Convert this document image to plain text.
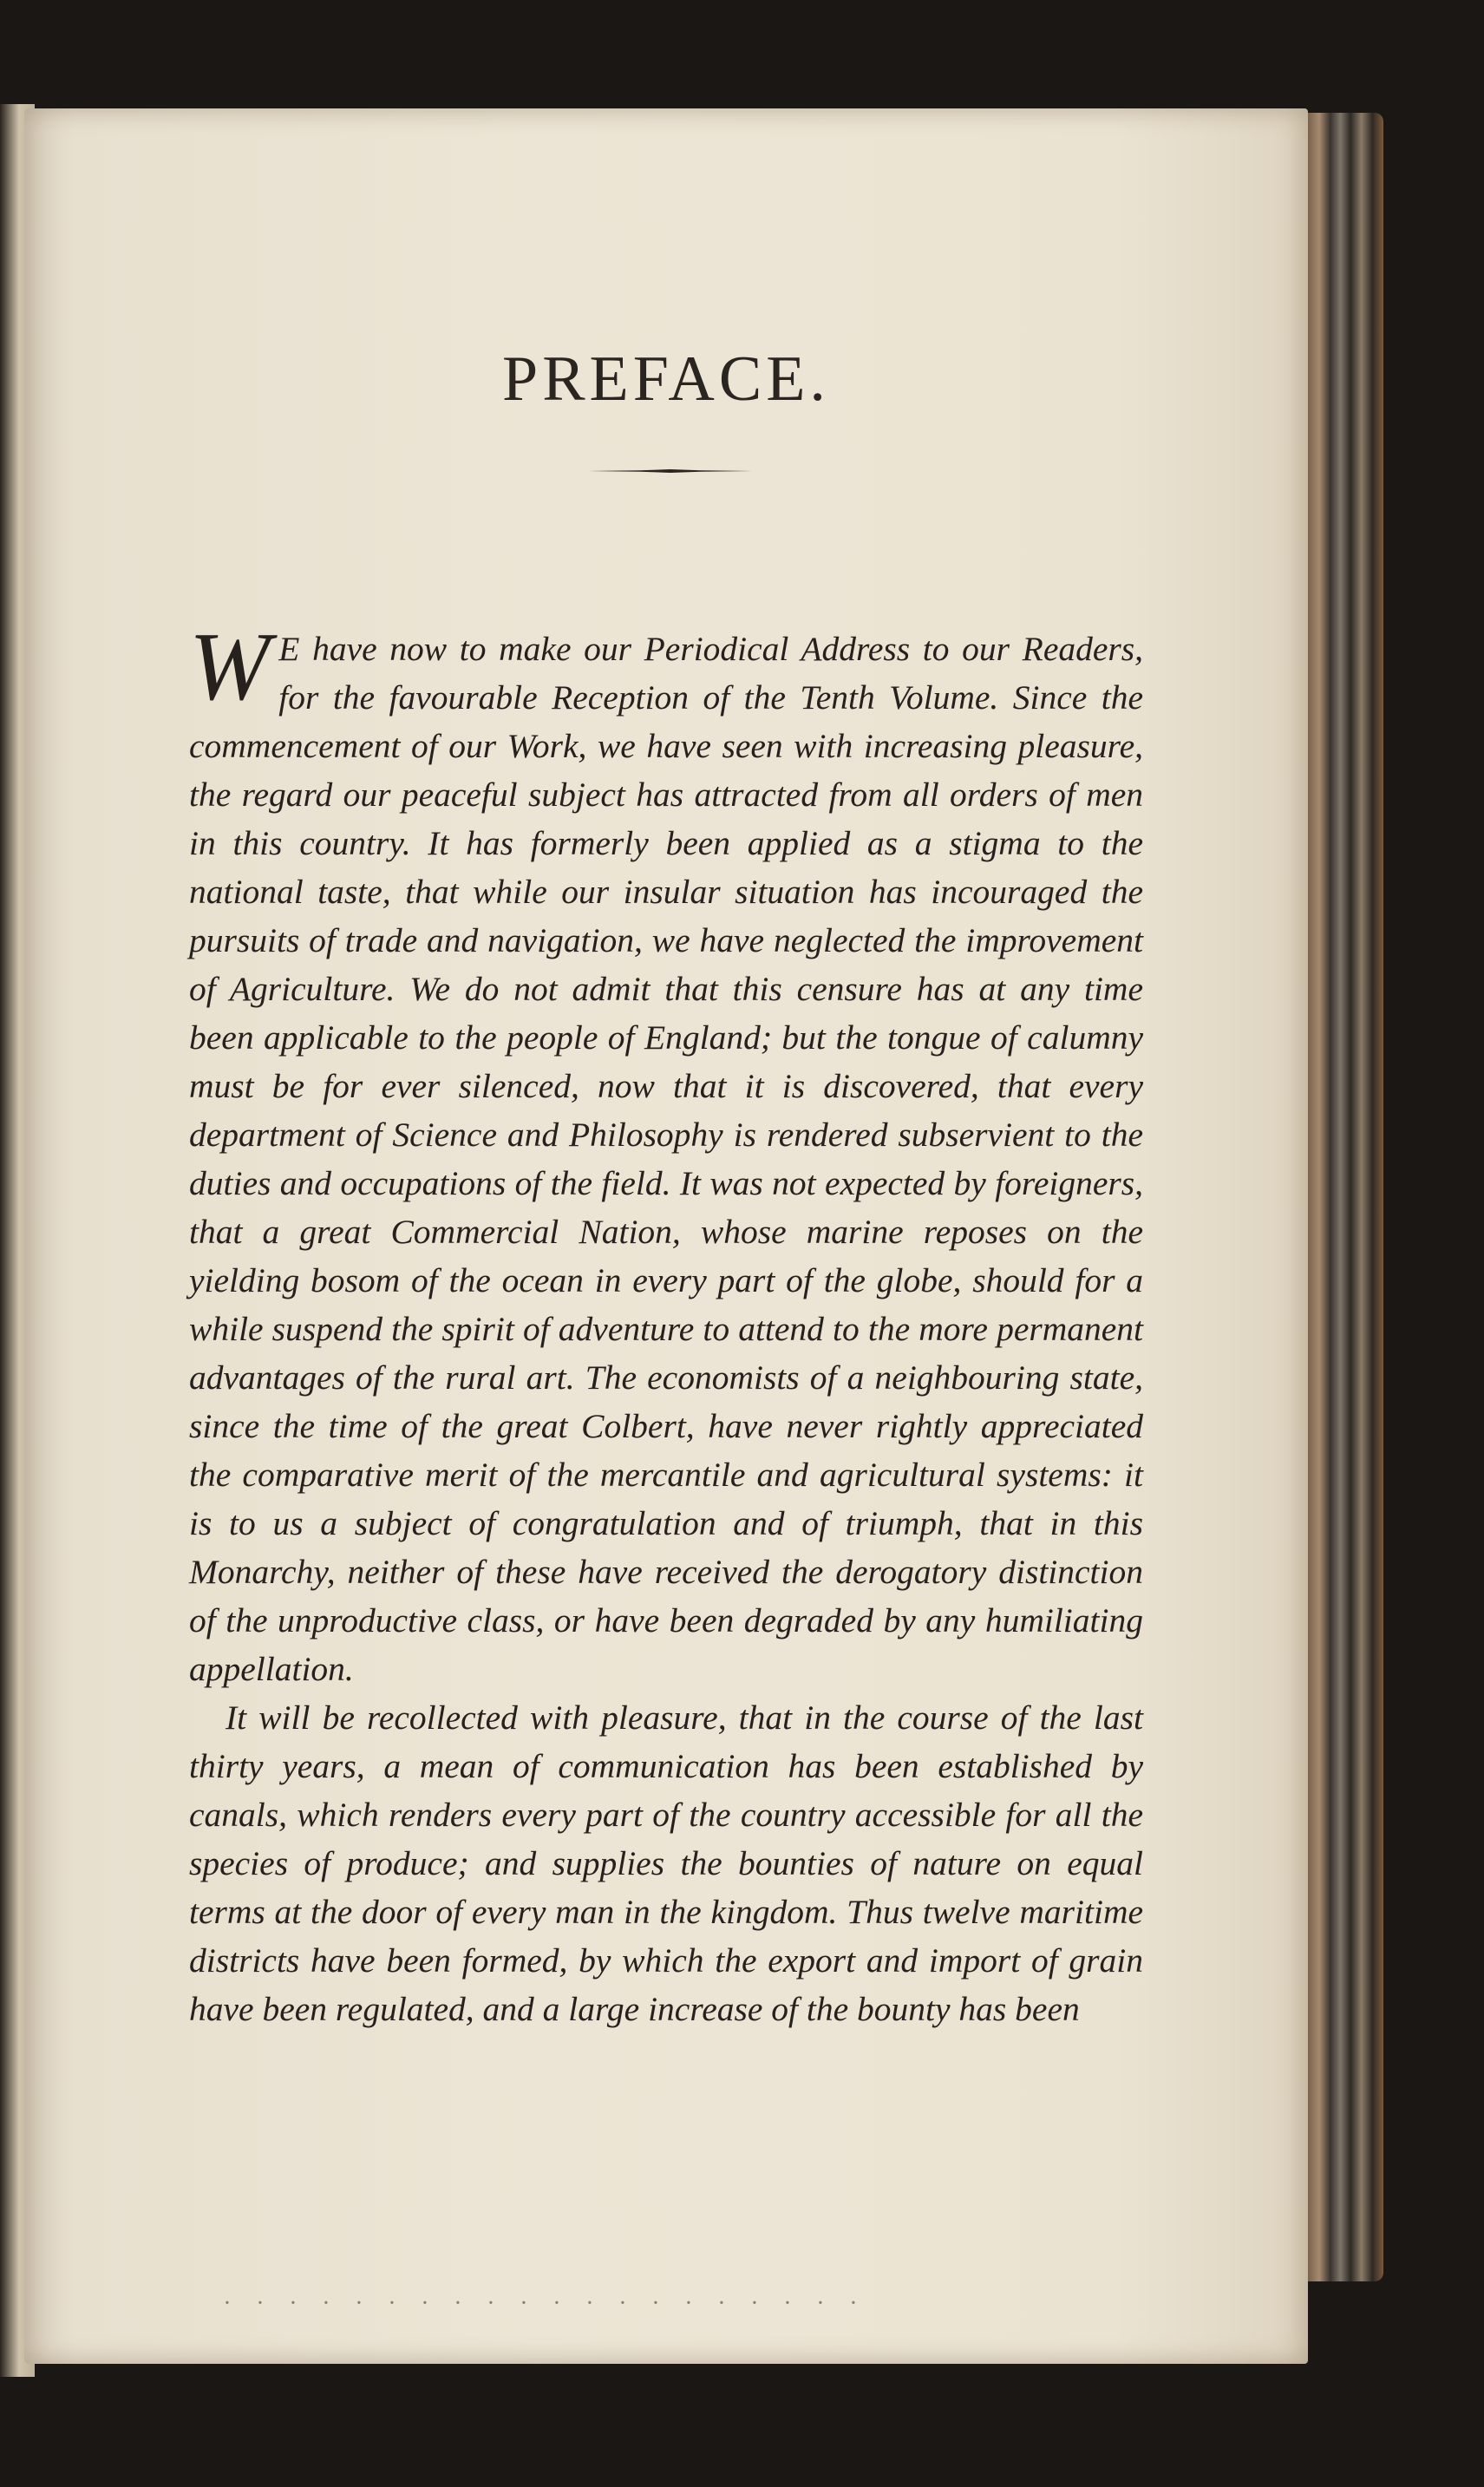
PREFACE.

W E have now to make our Periodical Address to our Readers, for the favourable Reception of the Tenth Volume. Since the commencement of our Work, we have seen with increasing pleasure, the regard our peaceful subject has attracted from all orders of men in this country. It has formerly been applied as a stigma to the national taste, that while our insular situation has incouraged the pursuits of trade and navigation, we have neglected the improvement of Agriculture. We do not admit that this censure has at any time been applicable to the people of England; but the tongue of calumny must be for ever silenced, now that it is discovered, that every department of Science and Philosophy is rendered subservient to the duties and occupations of the field. It was not expected by foreigners, that a great Commercial Nation, whose marine reposes on the yielding bosom of the ocean in every part of the globe, should for a while suspend the spirit of adventure to attend to the more permanent advantages of the rural art. The economists of a neighbouring state, since the time of the great Colbert, have never rightly appreciated the comparative merit of the mercantile and agricultural systems: it is to us a subject of congratulation and of triumph, that in this Monarchy, neither of these have received the derogatory distinction of the unproductive class, or have been degraded by any humiliating appellation.

It will be recollected with pleasure, that in the course of the last thirty years, a mean of communication has been established by canals, which renders every part of the country accessible for all the species of produce; and supplies the bounties of nature on equal terms at the door of every man in the kingdom. Thus twelve maritime districts have been formed, by which the export and import of grain have been regulated, and a large increase of the bounty has been

· · · · · · · · · · · · · · · · · · · ·
